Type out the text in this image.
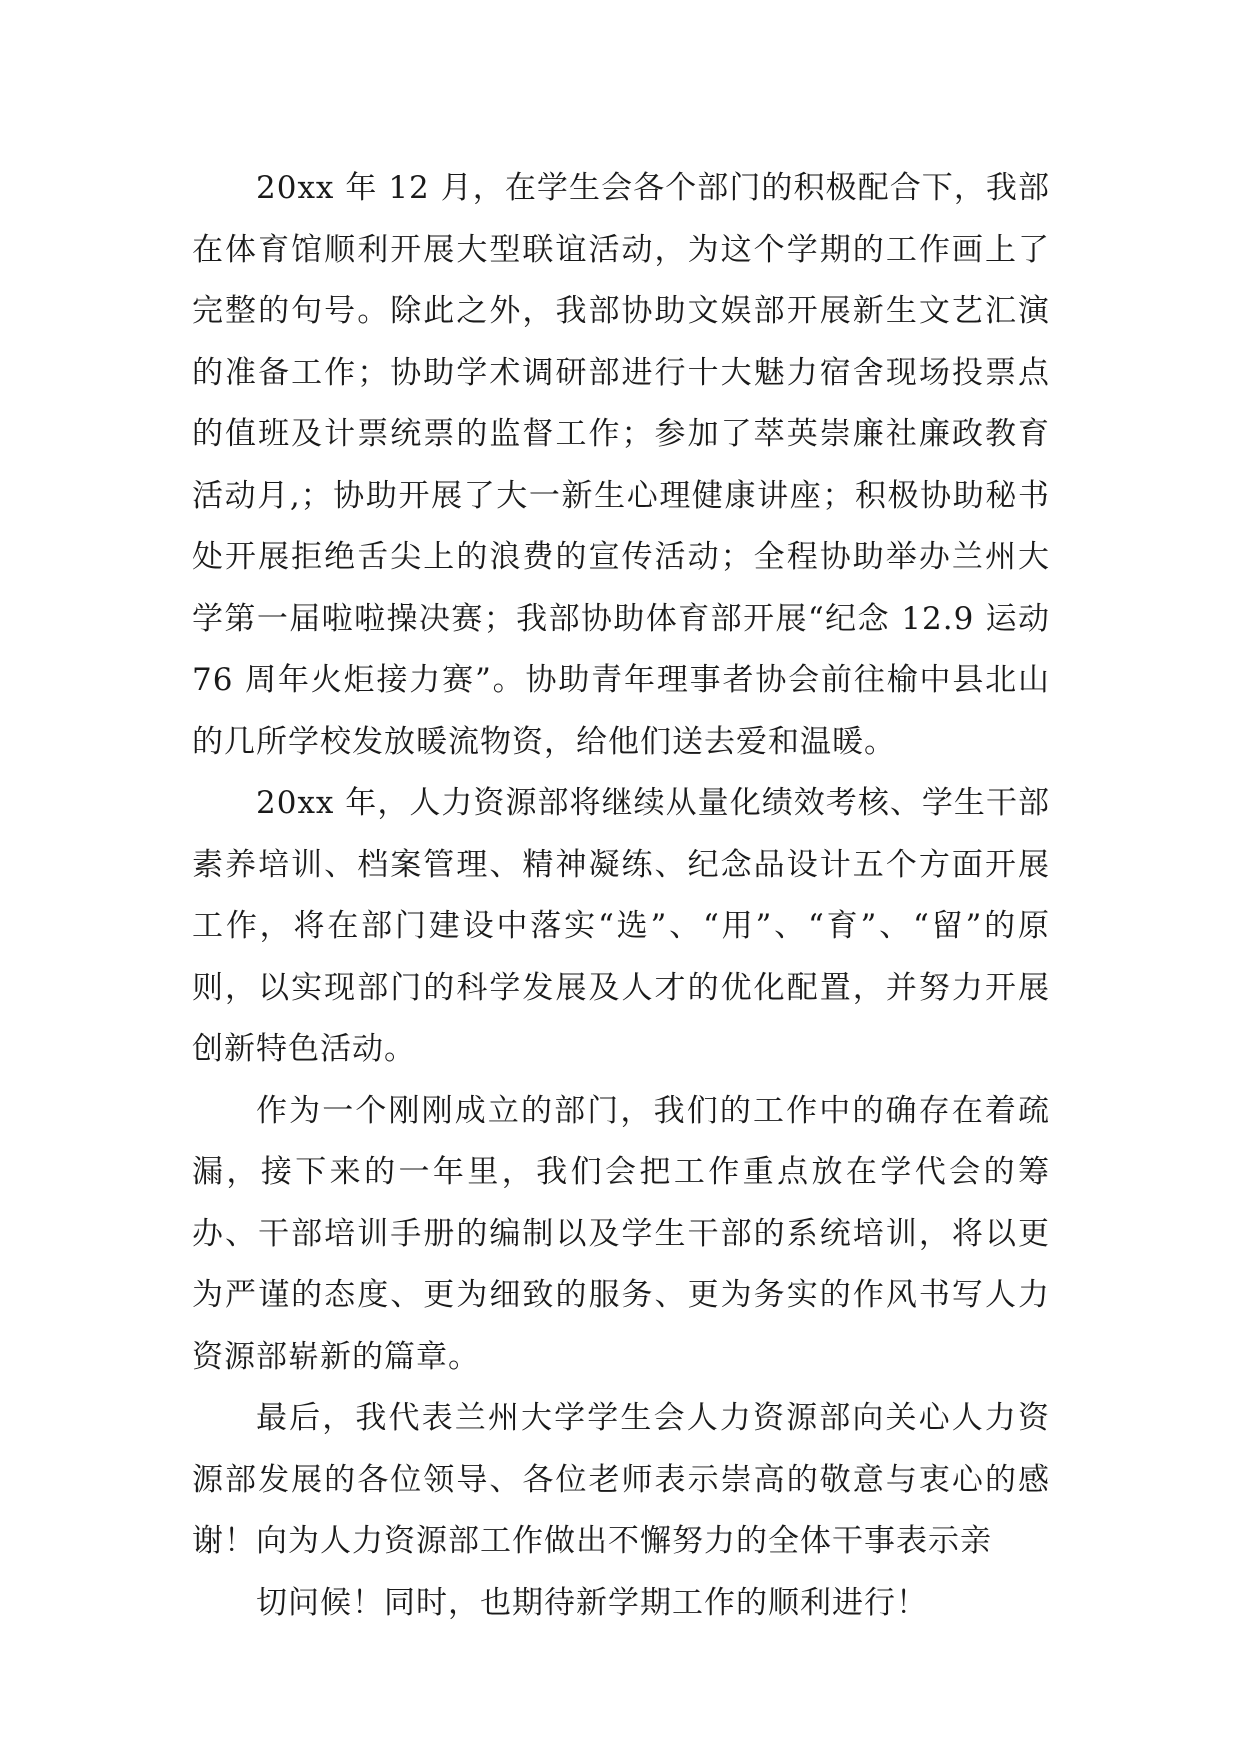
20xx 年 12 月，在学生会各个部门的积极配合下，我部在体育馆顺利开展大型联谊活动，为这个学期的工作画上了完整的句号。除此之外，我部协助文娱部开展新生文艺汇演的准备工作；协助学术调研部进行十大魅力宿舍现场投票点的值班及计票统票的监督工作；参加了萃英崇廉社廉政教育活动月,；协助开展了大一新生心理健康讲座；积极协助秘书处开展拒绝舌尖上的浪费的宣传活动；全程协助举办兰州大学第一届啦啦操决赛；我部协助体育部开展“纪念 12.9 运动 76 周年火炬接力赛”。协助青年理事者协会前往榆中县北山的几所学校发放暖流物资，给他们送去爱和温暖。

20xx 年，人力资源部将继续从量化绩效考核、学生干部素养培训、档案管理、精神凝练、纪念品设计五个方面开展工作，将在部门建设中落实“选”、“用”、“育”、“留”的原则，以实现部门的科学发展及人才的优化配置，并努力开展创新特色活动。

作为一个刚刚成立的部门，我们的工作中的确存在着疏漏，接下来的一年里，我们会把工作重点放在学代会的筹办、干部培训手册的编制以及学生干部的系统培训，将以更为严谨的态度、更为细致的服务、更为务实的作风书写人力资源部崭新的篇章。

最后，我代表兰州大学学生会人力资源部向关心人力资源部发展的各位领导、各位老师表示崇高的敬意与衷心的感谢！向为人力资源部工作做出不懈努力的全体干事表示亲

切问候！同时，也期待新学期工作的顺利进行！
